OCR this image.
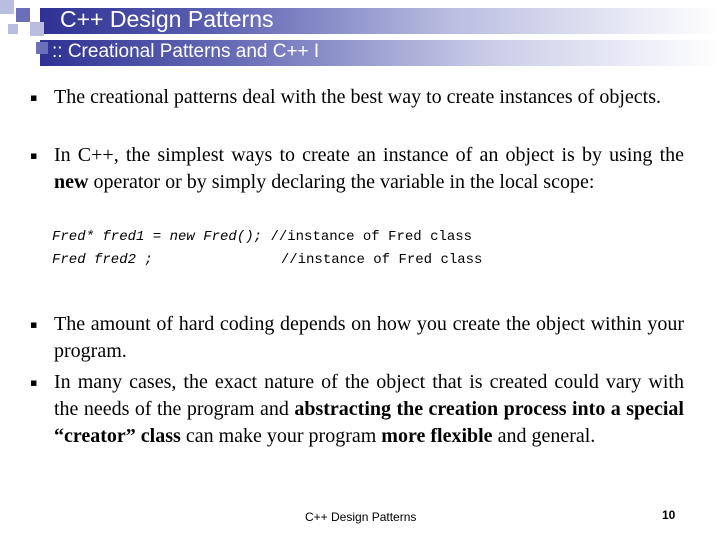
C++ Design Patterns
:: Creational Patterns and C++ I
▪ The creational patterns deal with the best way to create instances of objects.
▪ In C++, the simplest ways to create an instance of an object is by using the new operator or by simply declaring the variable in the local scope:
Fred* fred1 = new Fred(); //instance of Fred class
Fred fred2 ;	//instance of Fred class
▪ The amount of hard coding depends on how you create the object within your program.
▪ In many cases, the exact nature of the object that is created could vary with the needs of the program and abstracting the creation process into a special “creator” class can make your program more flexible and general.
C++ Design Patterns	10
